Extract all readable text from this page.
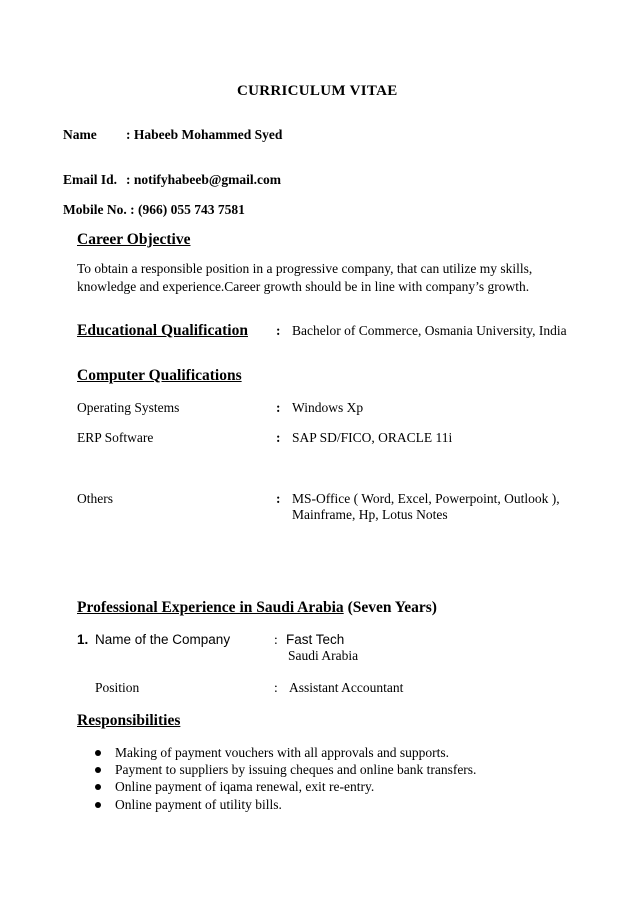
CURRICULUM VITAE
Name : Habeeb Mohammed Syed
Email Id. : notifyhabeeb@gmail.com
Mobile No. : (966) 055 743 7581
Career Objective
To obtain a responsible position in a progressive company, that can utilize my skills,
knowledge and experience.Career growth should be in line with company’s growth.
Educational Qualification : Bachelor of Commerce, Osmania University, India
Computer Qualifications
Operating Systems	: Windows Xp
ERP Software	: SAP SD/FICO, ORACLE 11i
Others	: MS-Office ( Word, Excel, Powerpoint, Outlook ),
Mainframe, Hp, Lotus Notes
Professional Experience in Saudi Arabia (Seven Years)
1. Name of the Company	: Fast Tech
Saudi Arabia
Position	: Assistant Accountant
Responsibilities
Making of payment vouchers with all approvals and supports.
Payment to suppliers by issuing cheques and online bank transfers.
Online payment of iqama renewal, exit re-entry.
Online payment of utility bills.
